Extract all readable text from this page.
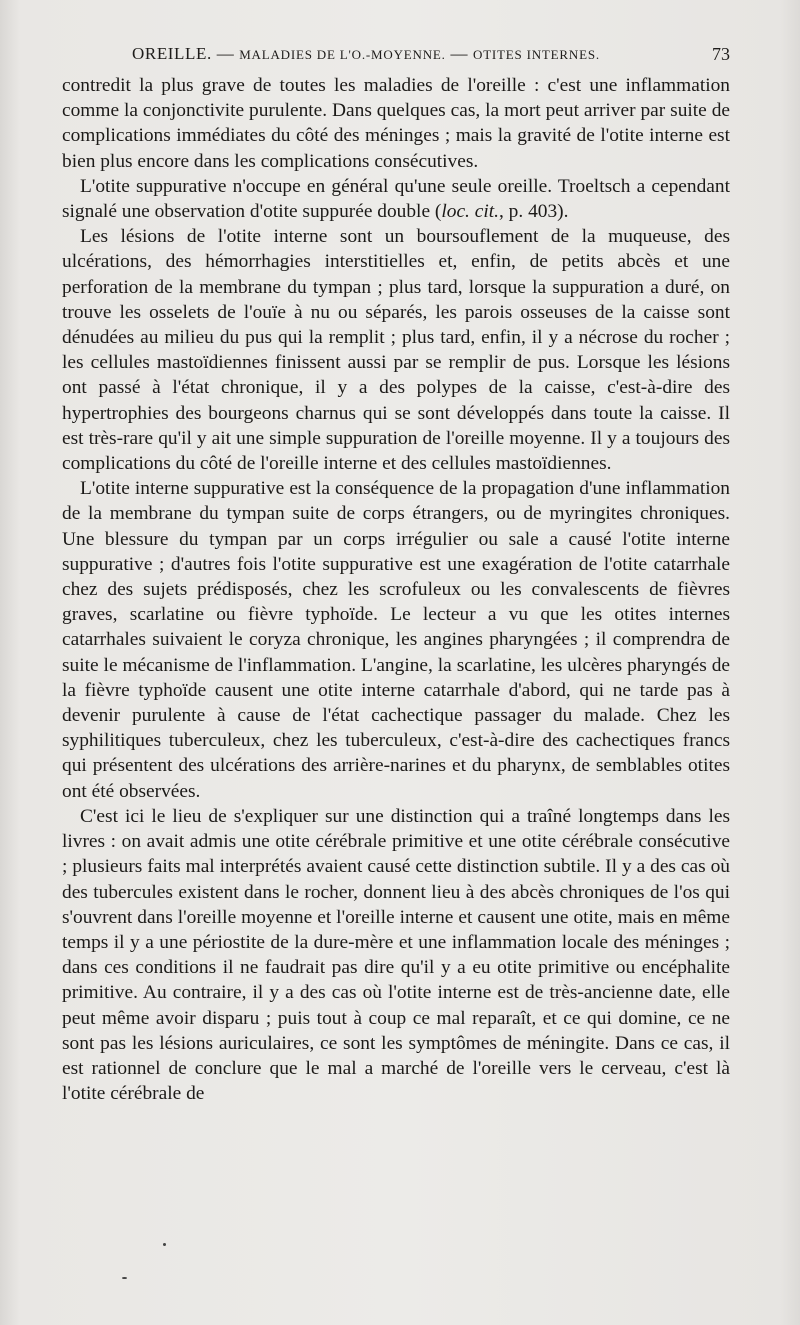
OREILLE. — MALADIES DE L'O.-MOYENNE. — OTITES INTERNES.	73

contredit la plus grave de toutes les maladies de l'oreille : c'est une inflammation comme la conjonctivite purulente. Dans quelques cas, la mort peut arriver par suite de complications immédiates du côté des méninges ; mais la gravité de l'otite interne est bien plus encore dans les complications consécutives.

L'otite suppurative n'occupe en général qu'une seule oreille. Troeltsch a cependant signalé une observation d'otite suppurée double (loc. cit., p. 403).

Les lésions de l'otite interne sont un boursouflement de la muqueuse, des ulcérations, des hémorrhagies interstitielles et, enfin, de petits abcès et une perforation de la membrane du tympan ; plus tard, lorsque la suppuration a duré, on trouve les osselets de l'ouïe à nu ou séparés, les parois osseuses de la caisse sont dénudées au milieu du pus qui la remplit ; plus tard, enfin, il y a nécrose du rocher ; les cellules mastoïdiennes finissent aussi par se remplir de pus. Lorsque les lésions ont passé à l'état chronique, il y a des polypes de la caisse, c'est-à-dire des hypertrophies des bourgeons charnus qui se sont développés dans toute la caisse. Il est très-rare qu'il y ait une simple suppuration de l'oreille moyenne. Il y a toujours des complications du côté de l'oreille interne et des cellules mastoïdiennes.

L'otite interne suppurative est la conséquence de la propagation d'une inflammation de la membrane du tympan suite de corps étrangers, ou de myringites chroniques. Une blessure du tympan par un corps irrégulier ou sale a causé l'otite interne suppurative ; d'autres fois l'otite suppurative est une exagération de l'otite catarrhale chez des sujets prédisposés, chez les scrofuleux ou les convalescents de fièvres graves, scarlatine ou fièvre typhoïde. Le lecteur a vu que les otites internes catarrhales suivaient le coryza chronique, les angines pharyngées ; il comprendra de suite le mécanisme de l'inflammation. L'angine, la scarlatine, les ulcères pharyngés de la fièvre typhoïde causent une otite interne catarrhale d'abord, qui ne tarde pas à devenir purulente à cause de l'état cachectique passager du malade. Chez les syphilitiques tuberculeux, chez les tuberculeux, c'est-à-dire des cachectiques francs qui présentent des ulcérations des arrière-narines et du pharynx, de semblables otites ont été observées.

C'est ici le lieu de s'expliquer sur une distinction qui a traîné longtemps dans les livres : on avait admis une otite cérébrale primitive et une otite cérébrale consécutive ; plusieurs faits mal interprétés avaient causé cette distinction subtile. Il y a des cas où des tubercules existent dans le rocher, donnent lieu à des abcès chroniques de l'os qui s'ouvrent dans l'oreille moyenne et l'oreille interne et causent une otite, mais en même temps il y a une périostite de la dure-mère et une inflammation locale des méninges ; dans ces conditions il ne faudrait pas dire qu'il y a eu otite primitive ou encéphalite primitive. Au contraire, il y a des cas où l'otite interne est de très-ancienne date, elle peut même avoir disparu ; puis tout à coup ce mal reparaît, et ce qui domine, ce ne sont pas les lésions auriculaires, ce sont les symptômes de méningite. Dans ce cas, il est rationnel de conclure que le mal a marché de l'oreille vers le cerveau, c'est là l'otite cérébrale de
